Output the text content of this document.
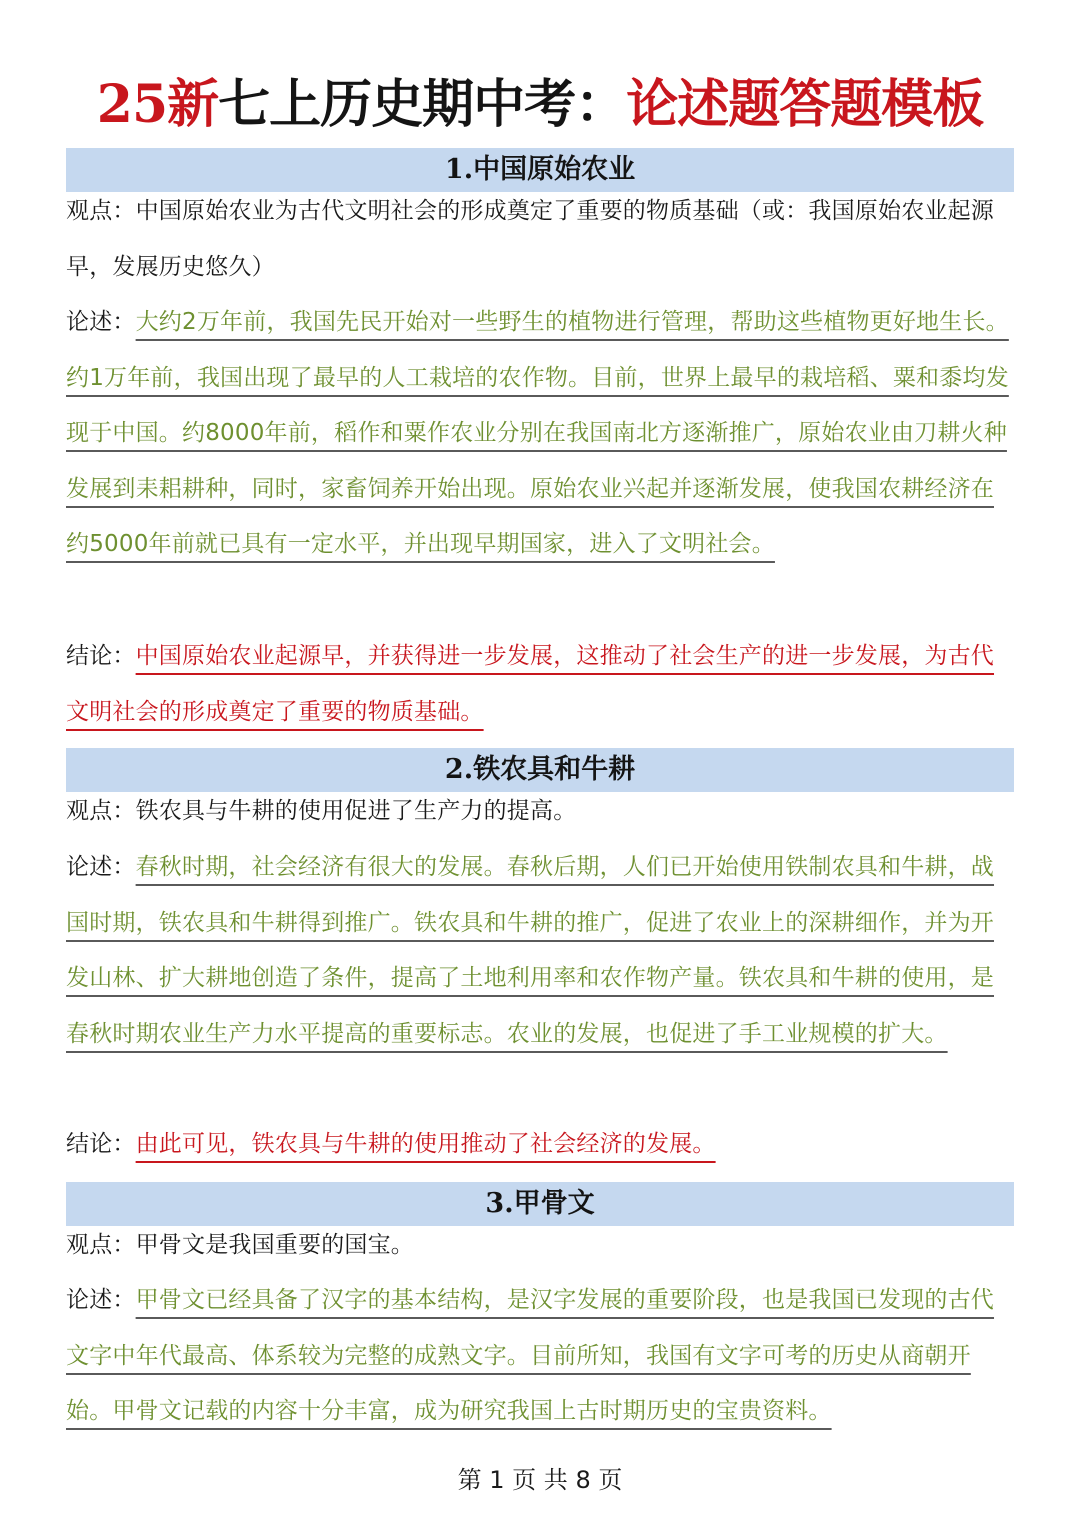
25新七上历史期中考：论述题答题模板
1.中国原始农业
观点：中国原始农业为古代文明社会的形成奠定了重要的物质基础（或：我国原始农业起源早，发展历史悠久）
论述：大约2万年前，我国先民开始对一些野生的植物进行管理，帮助这些植物更好地生长。约1万年前，我国出现了最早的人工栽培的农作物。目前，世界上最早的栽培稻、粟和黍均发现于中国。约8000年前，稻作和粟作农业分别在我国南北方逐渐推广，原始农业由刀耕火种发展到耒耜耕种，同时，家畜饲养开始出现。原始农业兴起并逐渐发展，使我国农耕经济在约5000年前就已具有一定水平，并出现早期国家，进入了文明社会。
结论：中国原始农业起源早，并获得进一步发展，这推动了社会生产的进一步发展，为古代文明社会的形成奠定了重要的物质基础。
2.铁农具和牛耕
观点：铁农具与牛耕的使用促进了生产力的提高。
论述：春秋时期，社会经济有很大的发展。春秋后期，人们已开始使用铁制农具和牛耕，战国时期，铁农具和牛耕得到推广。铁农具和牛耕的推广，促进了农业上的深耕细作，并为开发山林、扩大耕地创造了条件，提高了土地利用率和农作物产量。铁农具和牛耕的使用，是春秋时期农业生产力水平提高的重要标志。农业的发展，也促进了手工业规模的扩大。
结论：由此可见，铁农具与牛耕的使用推动了社会经济的发展。
3.甲骨文
观点：甲骨文是我国重要的国宝。
论述：甲骨文已经具备了汉字的基本结构，是汉字发展的重要阶段，也是我国已发现的古代文字中年代最高、体系较为完整的成熟文字。目前所知，我国有文字可考的历史从商朝开始。甲骨文记载的内容十分丰富，成为研究我国上古时期历史的宝贵资料。
第 1 页 共 8 页
